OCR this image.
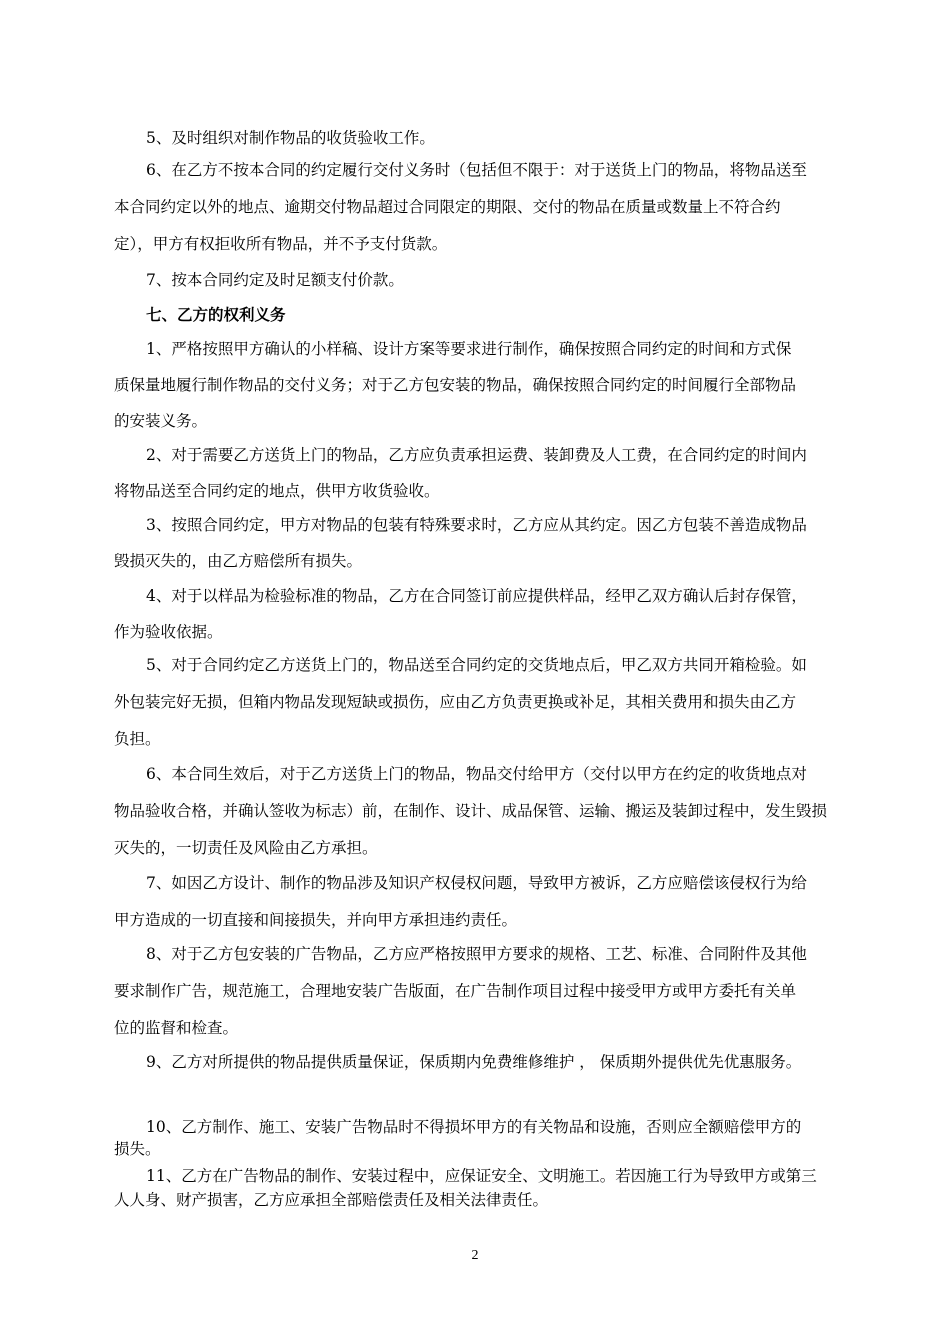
5、及时组织对制作物品的收货验收工作。
6、在乙方不按本合同的约定履行交付义务时（包括但不限于：对于送货上门的物品，将物品送至
本合同约定以外的地点、逾期交付物品超过合同限定的期限、交付的物品在质量或数量上不符合约
定），甲方有权拒收所有物品，并不予支付货款。
7、按本合同约定及时足额支付价款。
七、乙方的权利义务
1、严格按照甲方确认的小样稿、设计方案等要求进行制作，确保按照合同约定的时间和方式保
质保量地履行制作物品的交付义务；对于乙方包安装的物品，确保按照合同约定的时间履行全部物品
的安装义务。
2、对于需要乙方送货上门的物品，乙方应负责承担运费、装卸费及人工费，在合同约定的时间内
将物品送至合同约定的地点，供甲方收货验收。
3、按照合同约定，甲方对物品的包装有特殊要求时，乙方应从其约定。因乙方包装不善造成物品
毁损灭失的，由乙方赔偿所有损失。
4、对于以样品为检验标准的物品，乙方在合同签订前应提供样品，经甲乙双方确认后封存保管，
作为验收依据。
5、对于合同约定乙方送货上门的，物品送至合同约定的交货地点后，甲乙双方共同开箱检验。如
外包装完好无损，但箱内物品发现短缺或损伤，应由乙方负责更换或补足，其相关费用和损失由乙方
负担。
6、本合同生效后，对于乙方送货上门的物品，物品交付给甲方（交付以甲方在约定的收货地点对
物品验收合格，并确认签收为标志）前，在制作、设计、成品保管、运输、搬运及装卸过程中，发生毁损
灭失的，一切责任及风险由乙方承担。
7、如因乙方设计、制作的物品涉及知识产权侵权问题，导致甲方被诉，乙方应赔偿该侵权行为给
甲方造成的一切直接和间接损失，并向甲方承担违约责任。
8、对于乙方包安装的广告物品，乙方应严格按照甲方要求的规格、工艺、标准、合同附件及其他
要求制作广告，规范施工，合理地安装广告版面，在广告制作项目过程中接受甲方或甲方委托有关单
位的监督和检查。
9、乙方对所提供的物品提供质量保证，保质期内免费维修维护 ， 保质期外提供优先优惠服务。
10、乙方制作、施工、安装广告物品时不得损坏甲方的有关物品和设施，否则应全额赔偿甲方的
损失。
11、乙方在广告物品的制作、安装过程中，应保证安全、文明施工。若因施工行为导致甲方或第三
人人身、财产损害，乙方应承担全部赔偿责任及相关法律责任。
2
